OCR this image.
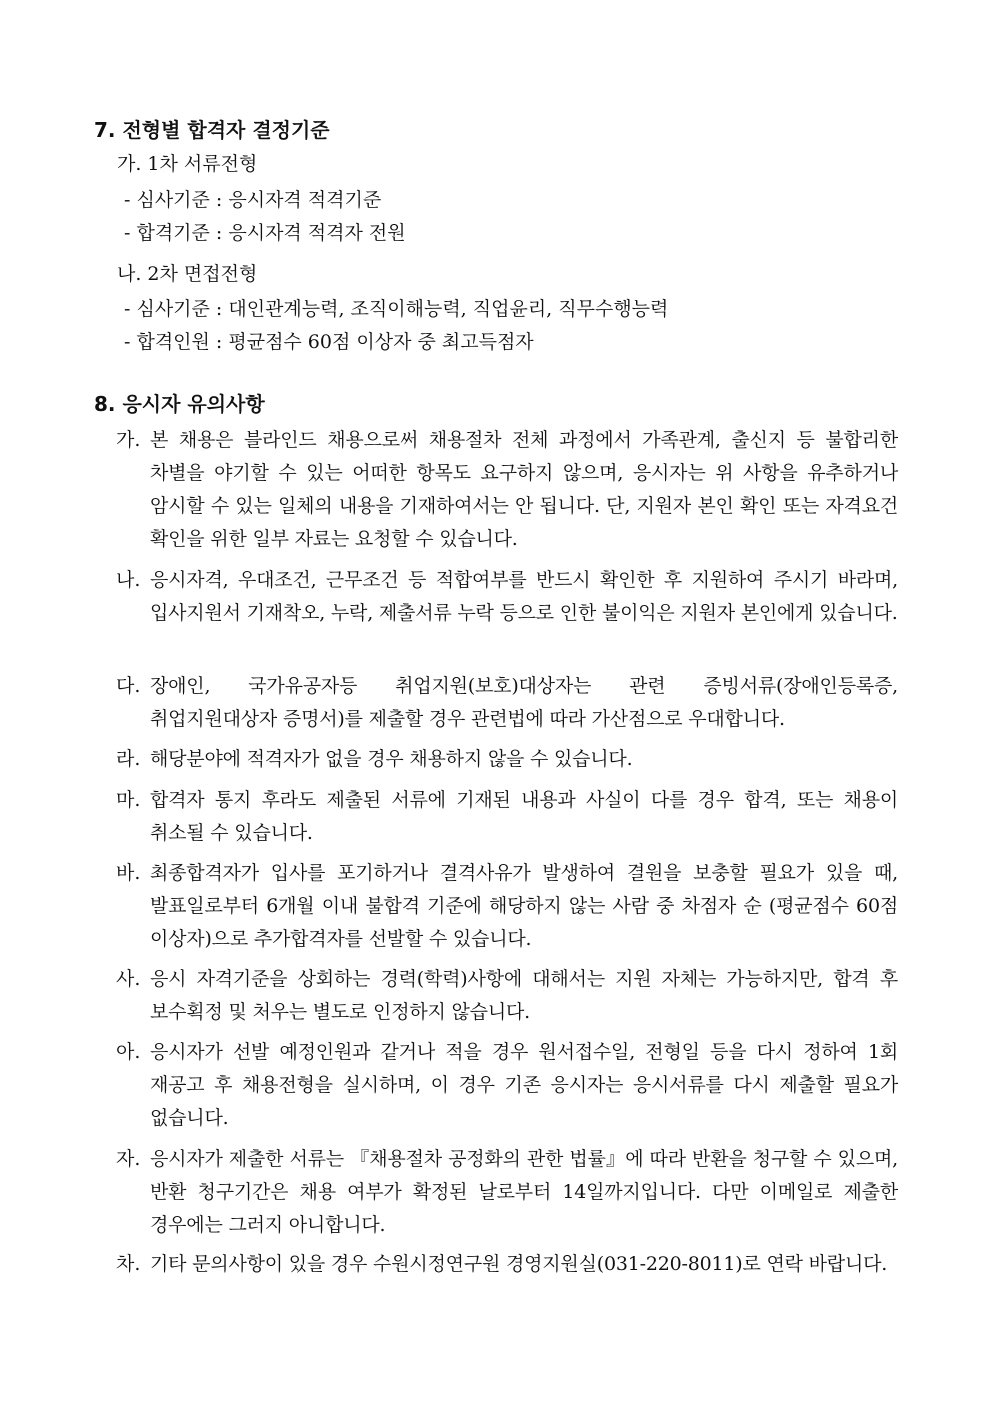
7. 전형별 합격자 결정기준
가. 1차 서류전형
- 심사기준 : 응시자격 적격기준
- 합격기준 : 응시자격 적격자 전원
나. 2차 면접전형
- 심사기준 : 대인관계능력, 조직이해능력, 직업윤리, 직무수행능력
- 합격인원 : 평균점수 60점 이상자 중 최고득점자
8. 응시자 유의사항
가. 본 채용은 블라인드 채용으로써 채용절차 전체 과정에서 가족관계, 출신지 등 불합리한 차별을 야기할 수 있는 어떠한 항목도 요구하지 않으며, 응시자는 위 사항을 유추하거나 암시할 수 있는 일체의 내용을 기재하여서는 안 됩니다. 단, 지원자 본인 확인 또는 자격요건 확인을 위한 일부 자료는 요청할 수 있습니다.
나. 응시자격, 우대조건, 근무조건 등 적합여부를 반드시 확인한 후 지원하여 주시기 바라며, 입사지원서 기재착오, 누락, 제출서류 누락 등으로 인한 불이익은 지원자 본인에게 있습니다.
다. 장애인, 국가유공자등 취업지원(보호)대상자는 관련 증빙서류(장애인등록증, 취업지원대상자 증명서)를 제출할 경우 관련법에 따라 가산점으로 우대합니다.
라. 해당분야에 적격자가 없을 경우 채용하지 않을 수 있습니다.
마. 합격자 통지 후라도 제출된 서류에 기재된 내용과 사실이 다를 경우 합격, 또는 채용이 취소될 수 있습니다.
바. 최종합격자가 입사를 포기하거나 결격사유가 발생하여 결원을 보충할 필요가 있을 때, 발표일로부터 6개월 이내 불합격 기준에 해당하지 않는 사람 중 차점자 순 (평균점수 60점 이상자)으로 추가합격자를 선발할 수 있습니다.
사. 응시 자격기준을 상회하는 경력(학력)사항에 대해서는 지원 자체는 가능하지만, 합격 후 보수획정 및 처우는 별도로 인정하지 않습니다.
아. 응시자가 선발 예정인원과 같거나 적을 경우 원서접수일, 전형일 등을 다시 정하여 1회 재공고 후 채용전형을 실시하며, 이 경우 기존 응시자는 응시서류를 다시 제출할 필요가 없습니다.
자. 응시자가 제출한 서류는 『채용절차 공정화의 관한 법률』에 따라 반환을 청구할 수 있으며, 반환 청구기간은 채용 여부가 확정된 날로부터 14일까지입니다. 다만 이메일로 제출한 경우에는 그러지 아니합니다.
차. 기타 문의사항이 있을 경우 수원시정연구원 경영지원실(031-220-8011)로 연락 바랍니다.
